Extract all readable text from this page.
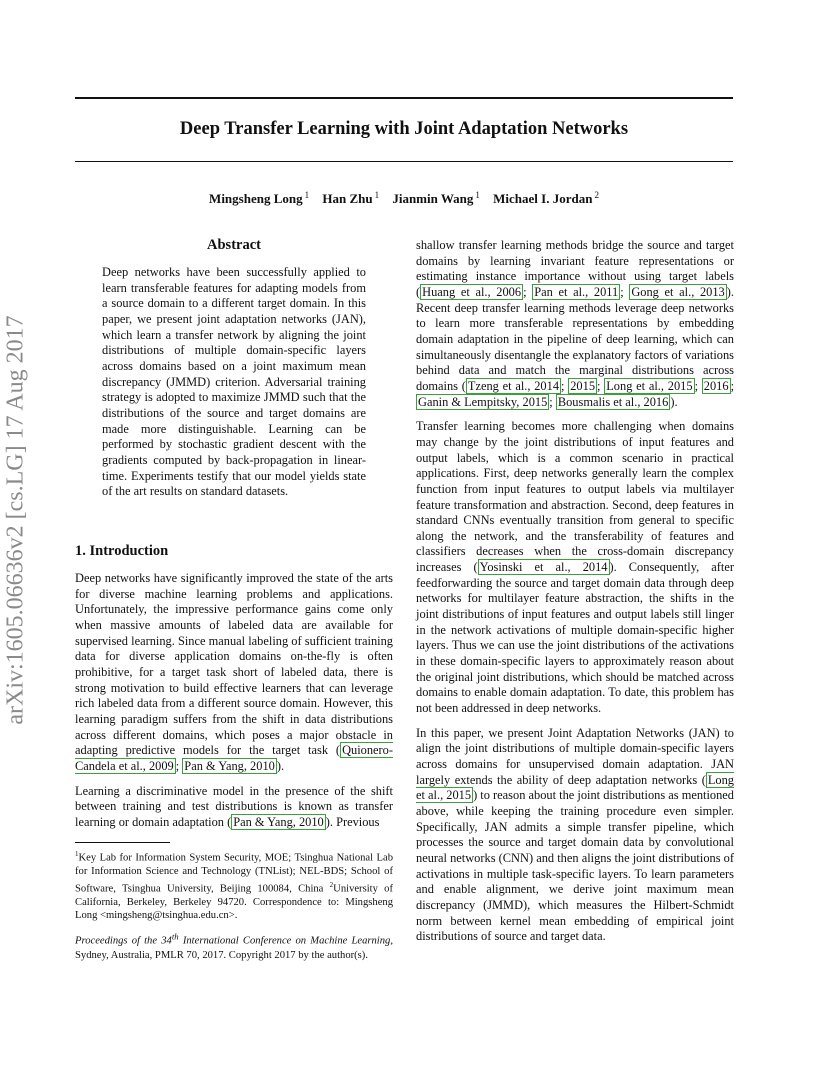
Deep Transfer Learning with Joint Adaptation Networks
Mingsheng Long $^1$ Han Zhu $^1$ Jianmin Wang $^1$ Michael I. Jordan $^2$
arXiv:1605.06636v2 [cs.LG] 17 Aug 2017
Abstract

Deep networks have been successfully applied to learn transferable features for adapting models from a source domain to a different target domain. In this paper, we present joint adaptation networks (JAN), which learn a transfer network by aligning the joint distributions of multiple domain-specific layers across domains based on a joint maximum mean discrepancy (JMMD) criterion. Adversarial training strategy is adopted to maximize JMMD such that the distributions of the source and target domains are made more distinguishable. Learning can be performed by stochastic gradient descent with the gradients computed by back-propagation in linear-time. Experiments testify that our model yields state of the art results on standard datasets.

1. Introduction

Deep networks have significantly improved the state of the arts for diverse machine learning problems and applications. Unfortunately, the impressive performance gains come only when massive amounts of labeled data are available for supervised learning. Since manual labeling of sufficient training data for diverse application domains on-the-fly is often prohibitive, for a target task short of labeled data, there is strong motivation to build effective learners that can leverage rich labeled data from a different source domain. However, this learning paradigm suffers from the shift in data distributions across different domains, which poses a major obstacle in adapting predictive models for the target task ( Quionero-Candela et al., 2009 ; Pan & Yang, 2010 ).

Learning a discriminative model in the presence of the shift between training and test distributions is known as transfer learning or domain adaptation ( Pan & Yang, 2010 ). Previous

$^1$Key Lab for Information System Security, MOE; Tsinghua National Lab for Information Science and Technology (TNList); NEL-BDS; School of Software, Tsinghua University, Beijing 100084, China $^2$University of California, Berkeley, Berkeley 94720. Correspondence to: Mingsheng Long <mingsheng@tsinghua.edu.cn>.

Proceedings of the 34th International Conference on Machine Learning, Sydney, Australia, PMLR 70, 2017. Copyright 2017 by the author(s).

shallow transfer learning methods bridge the source and target domains by learning invariant feature representations or estimating instance importance without using target labels ( Huang et al., 2006 ; Pan et al., 2011 ; Gong et al., 2013 ). Recent deep transfer learning methods leverage deep networks to learn more transferable representations by embedding domain adaptation in the pipeline of deep learning, which can simultaneously disentangle the explanatory factors of variations behind data and match the marginal distributions across domains ( Tzeng et al., 2014 ; 2015 ; Long et al., 2015 ; 2016 ; Ganin & Lempitsky, 2015 ; Bousmalis et al., 2016 ).

Transfer learning becomes more challenging when domains may change by the joint distributions of input features and output labels, which is a common scenario in practical applications. First, deep networks generally learn the complex function from input features to output labels via multilayer feature transformation and abstraction. Second, deep features in standard CNNs eventually transition from general to specific along the network, and the transferability of features and classifiers decreases when the cross-domain discrepancy increases ( Yosinski et al., 2014 ). Consequently, after feedforwarding the source and target domain data through deep networks for multilayer feature abstraction, the shifts in the joint distributions of input features and output labels still linger in the network activations of multiple domain-specific higher layers. Thus we can use the joint distributions of the activations in these domain-specific layers to approximately reason about the original joint distributions, which should be matched across domains to enable domain adaptation. To date, this problem has not been addressed in deep networks.

In this paper, we present Joint Adaptation Networks (JAN) to align the joint distributions of multiple domain-specific layers across domains for unsupervised domain adaptation. JAN largely extends the ability of deep adaptation networks ( Long et al., 2015 ) to reason about the joint distributions as mentioned above, while keeping the training procedure even simpler. Specifically, JAN admits a simple transfer pipeline, which processes the source and target domain data by convolutional neural networks (CNN) and then aligns the joint distributions of activations in multiple task-specific layers. To learn parameters and enable alignment, we derive joint maximum mean discrepancy (JMMD), which measures the Hilbert-Schmidt norm between kernel mean embedding of empirical joint distributions of source and target data.
